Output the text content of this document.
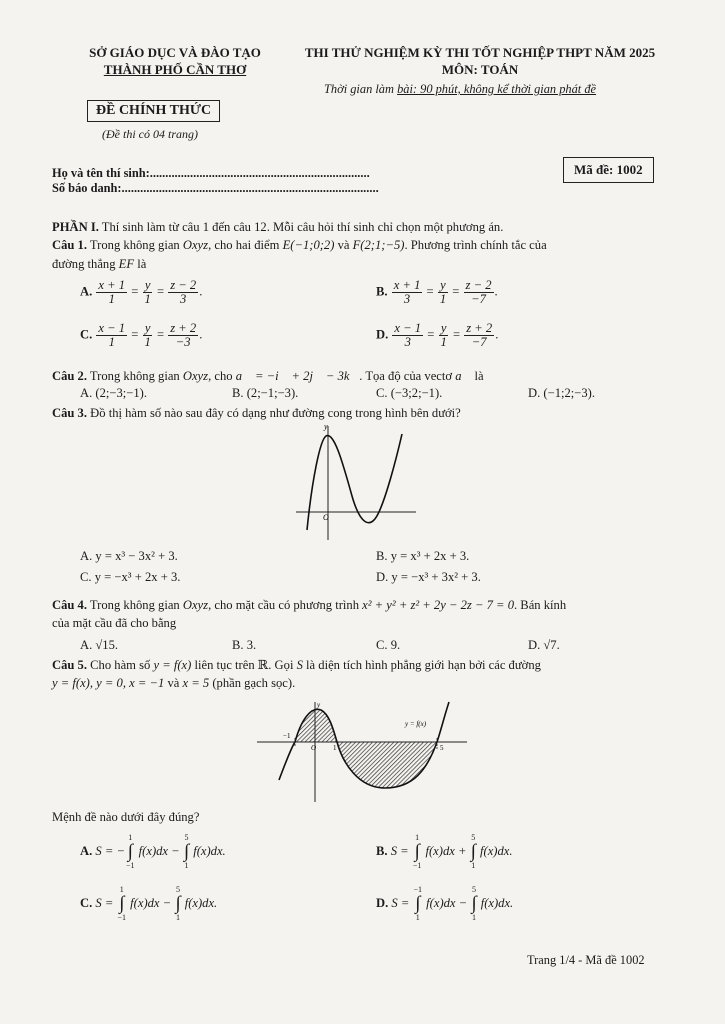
SỞ GIÁO DỤC VÀ ĐÀO TẠO
THÀNH PHỐ CẦN THƠ
ĐỀ CHÍNH THỨC
(Đề thi có 04 trang)
THI THỬ NGHIỆM KỲ THI TỐT NGHIỆP THPT NĂM 2025
MÔN: TOÁN
Thời gian làm bài: 90 phút, không kể thời gian phát đề
Họ và tên thí sinh:.......................................................................
Số báo danh:...................................................................................
Mã đề: 1002
PHẦN I. Thí sinh làm từ câu 1 đến câu 12. Mỗi câu hỏi thí sinh chỉ chọn một phương án.
Câu 1. Trong không gian Oxyz, cho hai điểm E(−1;0;2) và F(2;1;−5). Phương trình chính tắc của
đường thẳng EF là
A. $\frac{x + 1}{1} = \frac{y}{1} = \frac{z - 2}{3}$ .	B. $\frac{x + 1}{3} = \frac{y}{1} = \frac{z - 2}{-7}$ .
C. $\frac{x - 1}{1} = \frac{y}{1} = \frac{z + 2}{-3}$ .	D. $\frac{x - 1}{3} = \frac{y}{1} = \frac{z + 2}{-7}$ .
Câu 2. Trong không gian Oxyz, cho a⃗ = −i⃗ + 2j⃗ − 3k⃗. Tọa độ của vectơ a⃗ là
A. (2;−3;−1).	B. (2;−1;−3).	C. (−3;2;−1).	D. (−1;2;−3).
Câu 3. Đồ thị hàm số nào sau đây có dạng như đường cong trong hình bên dưới?
y
O
A. y = x³ − 3x² + 3.	B. y = x³ + 2x + 3.
C. y = −x³ + 2x + 3.	D. y = −x³ + 3x² + 3.
Câu 4. Trong không gian Oxyz, cho mặt cầu có phương trình x² + y² + z² + 2y − 2z − 7 = 0. Bán kính
của mặt cầu đã cho bằng
A. √15.	B. 3.	C. 9.	D. √7.
Câu 5. Cho hàm số y = f(x) liên tục trên ℝ. Gọi S là diện tích hình phẳng giới hạn bởi các đường
y = f(x), y = 0, x = −1 và x = 5 (phần gạch sọc).
y
−1
1	5
O
y = f(x)
Mệnh đề nào dưới đây đúng?
A. S = −
1
∫
−1
f(x)dx −
5
∫
1
f(x)dx.	B. S =
1
∫
−1
f(x)dx +
5
∫
1
f(x)dx.
C. S =
1
∫
−1
f(x)dx −
5
∫
1
f(x)dx.	D. S =
−1
∫
1
f(x)dx −
5
∫
1
f(x)dx.
Trang 1/4 - Mã đề 1002
